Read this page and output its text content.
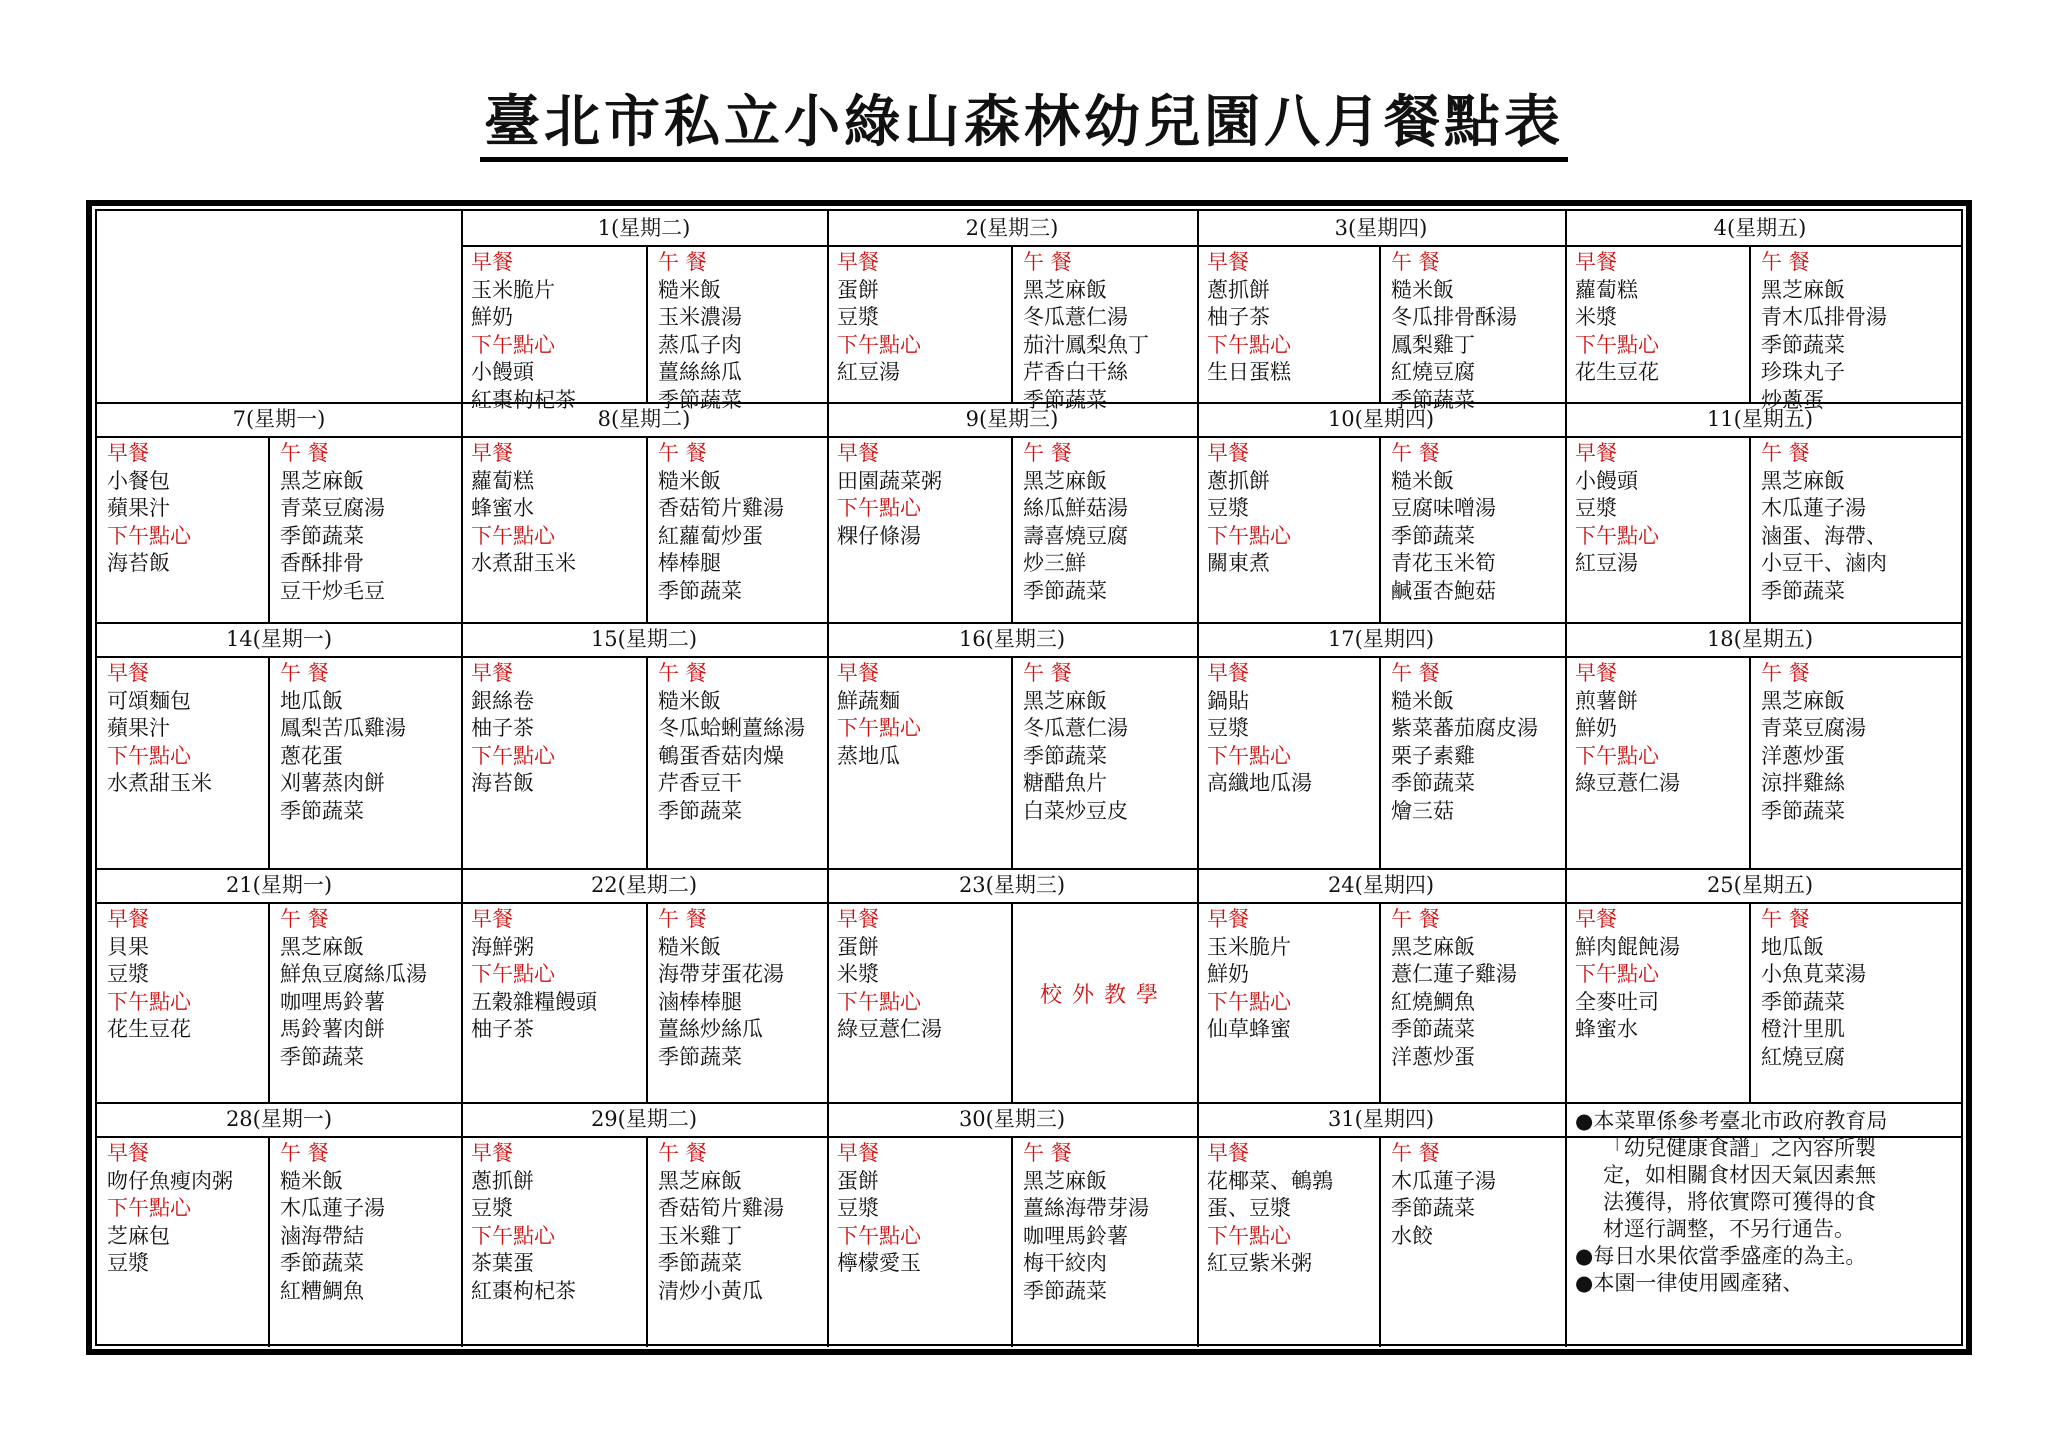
臺北市私立小綠山森林幼兒園八月餐點表
1(星期二)
早餐
玉米脆片
鮮奶
下午點心
小饅頭
紅棗枸杞茶
午 餐
糙米飯
玉米濃湯
蒸瓜子肉
薑絲絲瓜
季節蔬菜
2(星期三)
早餐
蛋餅
豆漿
下午點心
紅豆湯
午 餐
黑芝麻飯
冬瓜薏仁湯
茄汁鳳梨魚丁
芹香白干絲
季節蔬菜
3(星期四)
早餐
蔥抓餅
柚子茶
下午點心
生日蛋糕
午 餐
糙米飯
冬瓜排骨酥湯
鳳梨雞丁
紅燒豆腐
季節蔬菜
4(星期五)
早餐
蘿蔔糕
米漿
下午點心
花生豆花
午 餐
黑芝麻飯
青木瓜排骨湯
季節蔬菜
珍珠丸子
炒蔥蛋
7(星期一)
早餐
小餐包
蘋果汁
下午點心
海苔飯
午 餐
黑芝麻飯
青菜豆腐湯
季節蔬菜
香酥排骨
豆干炒毛豆
8(星期二)
早餐
蘿蔔糕
蜂蜜水
下午點心
水煮甜玉米
午 餐
糙米飯
香菇筍片雞湯
紅蘿蔔炒蛋
棒棒腿
季節蔬菜
9(星期三)
早餐
田園蔬菜粥
下午點心
粿仔條湯
午 餐
黑芝麻飯
絲瓜鮮菇湯
壽喜燒豆腐
炒三鮮
季節蔬菜
10(星期四)
早餐
蔥抓餅
豆漿
下午點心
關東煮
午 餐
糙米飯
豆腐味噌湯
季節蔬菜
青花玉米筍
鹹蛋杏鮑菇
11(星期五)
早餐
小饅頭
豆漿
下午點心
紅豆湯
午 餐
黑芝麻飯
木瓜蓮子湯
滷蛋、海帶、
小豆干、滷肉
季節蔬菜
14(星期一)
早餐
可頌麵包
蘋果汁
下午點心
水煮甜玉米
午 餐
地瓜飯
鳳梨苦瓜雞湯
蔥花蛋
刈薯蒸肉餅
季節蔬菜
15(星期二)
早餐
銀絲卷
柚子茶
下午點心
海苔飯
午 餐
糙米飯
冬瓜蛤蜊薑絲湯
鵪蛋香菇肉燥
芹香豆干
季節蔬菜
16(星期三)
早餐
鮮蔬麵
下午點心
蒸地瓜
午 餐
黑芝麻飯
冬瓜薏仁湯
季節蔬菜
糖醋魚片
白菜炒豆皮
17(星期四)
早餐
鍋貼
豆漿
下午點心
高纖地瓜湯
午 餐
糙米飯
紫菜蕃茄腐皮湯
栗子素雞
季節蔬菜
燴三菇
18(星期五)
早餐
煎薯餅
鮮奶
下午點心
綠豆薏仁湯
午 餐
黑芝麻飯
青菜豆腐湯
洋蔥炒蛋
涼拌雞絲
季節蔬菜
21(星期一)
早餐
貝果
豆漿
下午點心
花生豆花
午 餐
黑芝麻飯
鮮魚豆腐絲瓜湯
咖哩馬鈴薯
馬鈴薯肉餅
季節蔬菜
22(星期二)
早餐
海鮮粥
下午點心
五穀雜糧饅頭
柚子茶
午 餐
糙米飯
海帶芽蛋花湯
滷棒棒腿
薑絲炒絲瓜
季節蔬菜
23(星期三)
早餐
蛋餅
米漿
下午點心
綠豆薏仁湯
校外教學
24(星期四)
早餐
玉米脆片
鮮奶
下午點心
仙草蜂蜜
午 餐
黑芝麻飯
薏仁蓮子雞湯
紅燒鯛魚
季節蔬菜
洋蔥炒蛋
25(星期五)
早餐
鮮肉餛飩湯
下午點心
全麥吐司
蜂蜜水
午 餐
地瓜飯
小魚莧菜湯
季節蔬菜
橙汁里肌
紅燒豆腐
28(星期一)
早餐
吻仔魚瘦肉粥
下午點心
芝麻包
豆漿
午 餐
糙米飯
木瓜蓮子湯
滷海帶結
季節蔬菜
紅糟鯛魚
29(星期二)
早餐
蔥抓餅
豆漿
下午點心
茶葉蛋
紅棗枸杞茶
午 餐
黑芝麻飯
香菇筍片雞湯
玉米雞丁
季節蔬菜
清炒小黃瓜
30(星期三)
早餐
蛋餅
豆漿
下午點心
檸檬愛玉
午 餐
黑芝麻飯
薑絲海帶芽湯
咖哩馬鈴薯
梅干絞肉
季節蔬菜
31(星期四)
早餐
花椰菜、鵪鶉
蛋、豆漿
下午點心
紅豆紫米粥
午 餐
木瓜蓮子湯
季節蔬菜
水餃
●本菜單係參考臺北市政府教育局
「幼兒健康食譜」之內容所製
定，如相關食材因天氣因素無
法獲得，將依實際可獲得的食
材逕行調整，不另行通告。
●每日水果依當季盛產的為主。
●本園一律使用國產豬、
